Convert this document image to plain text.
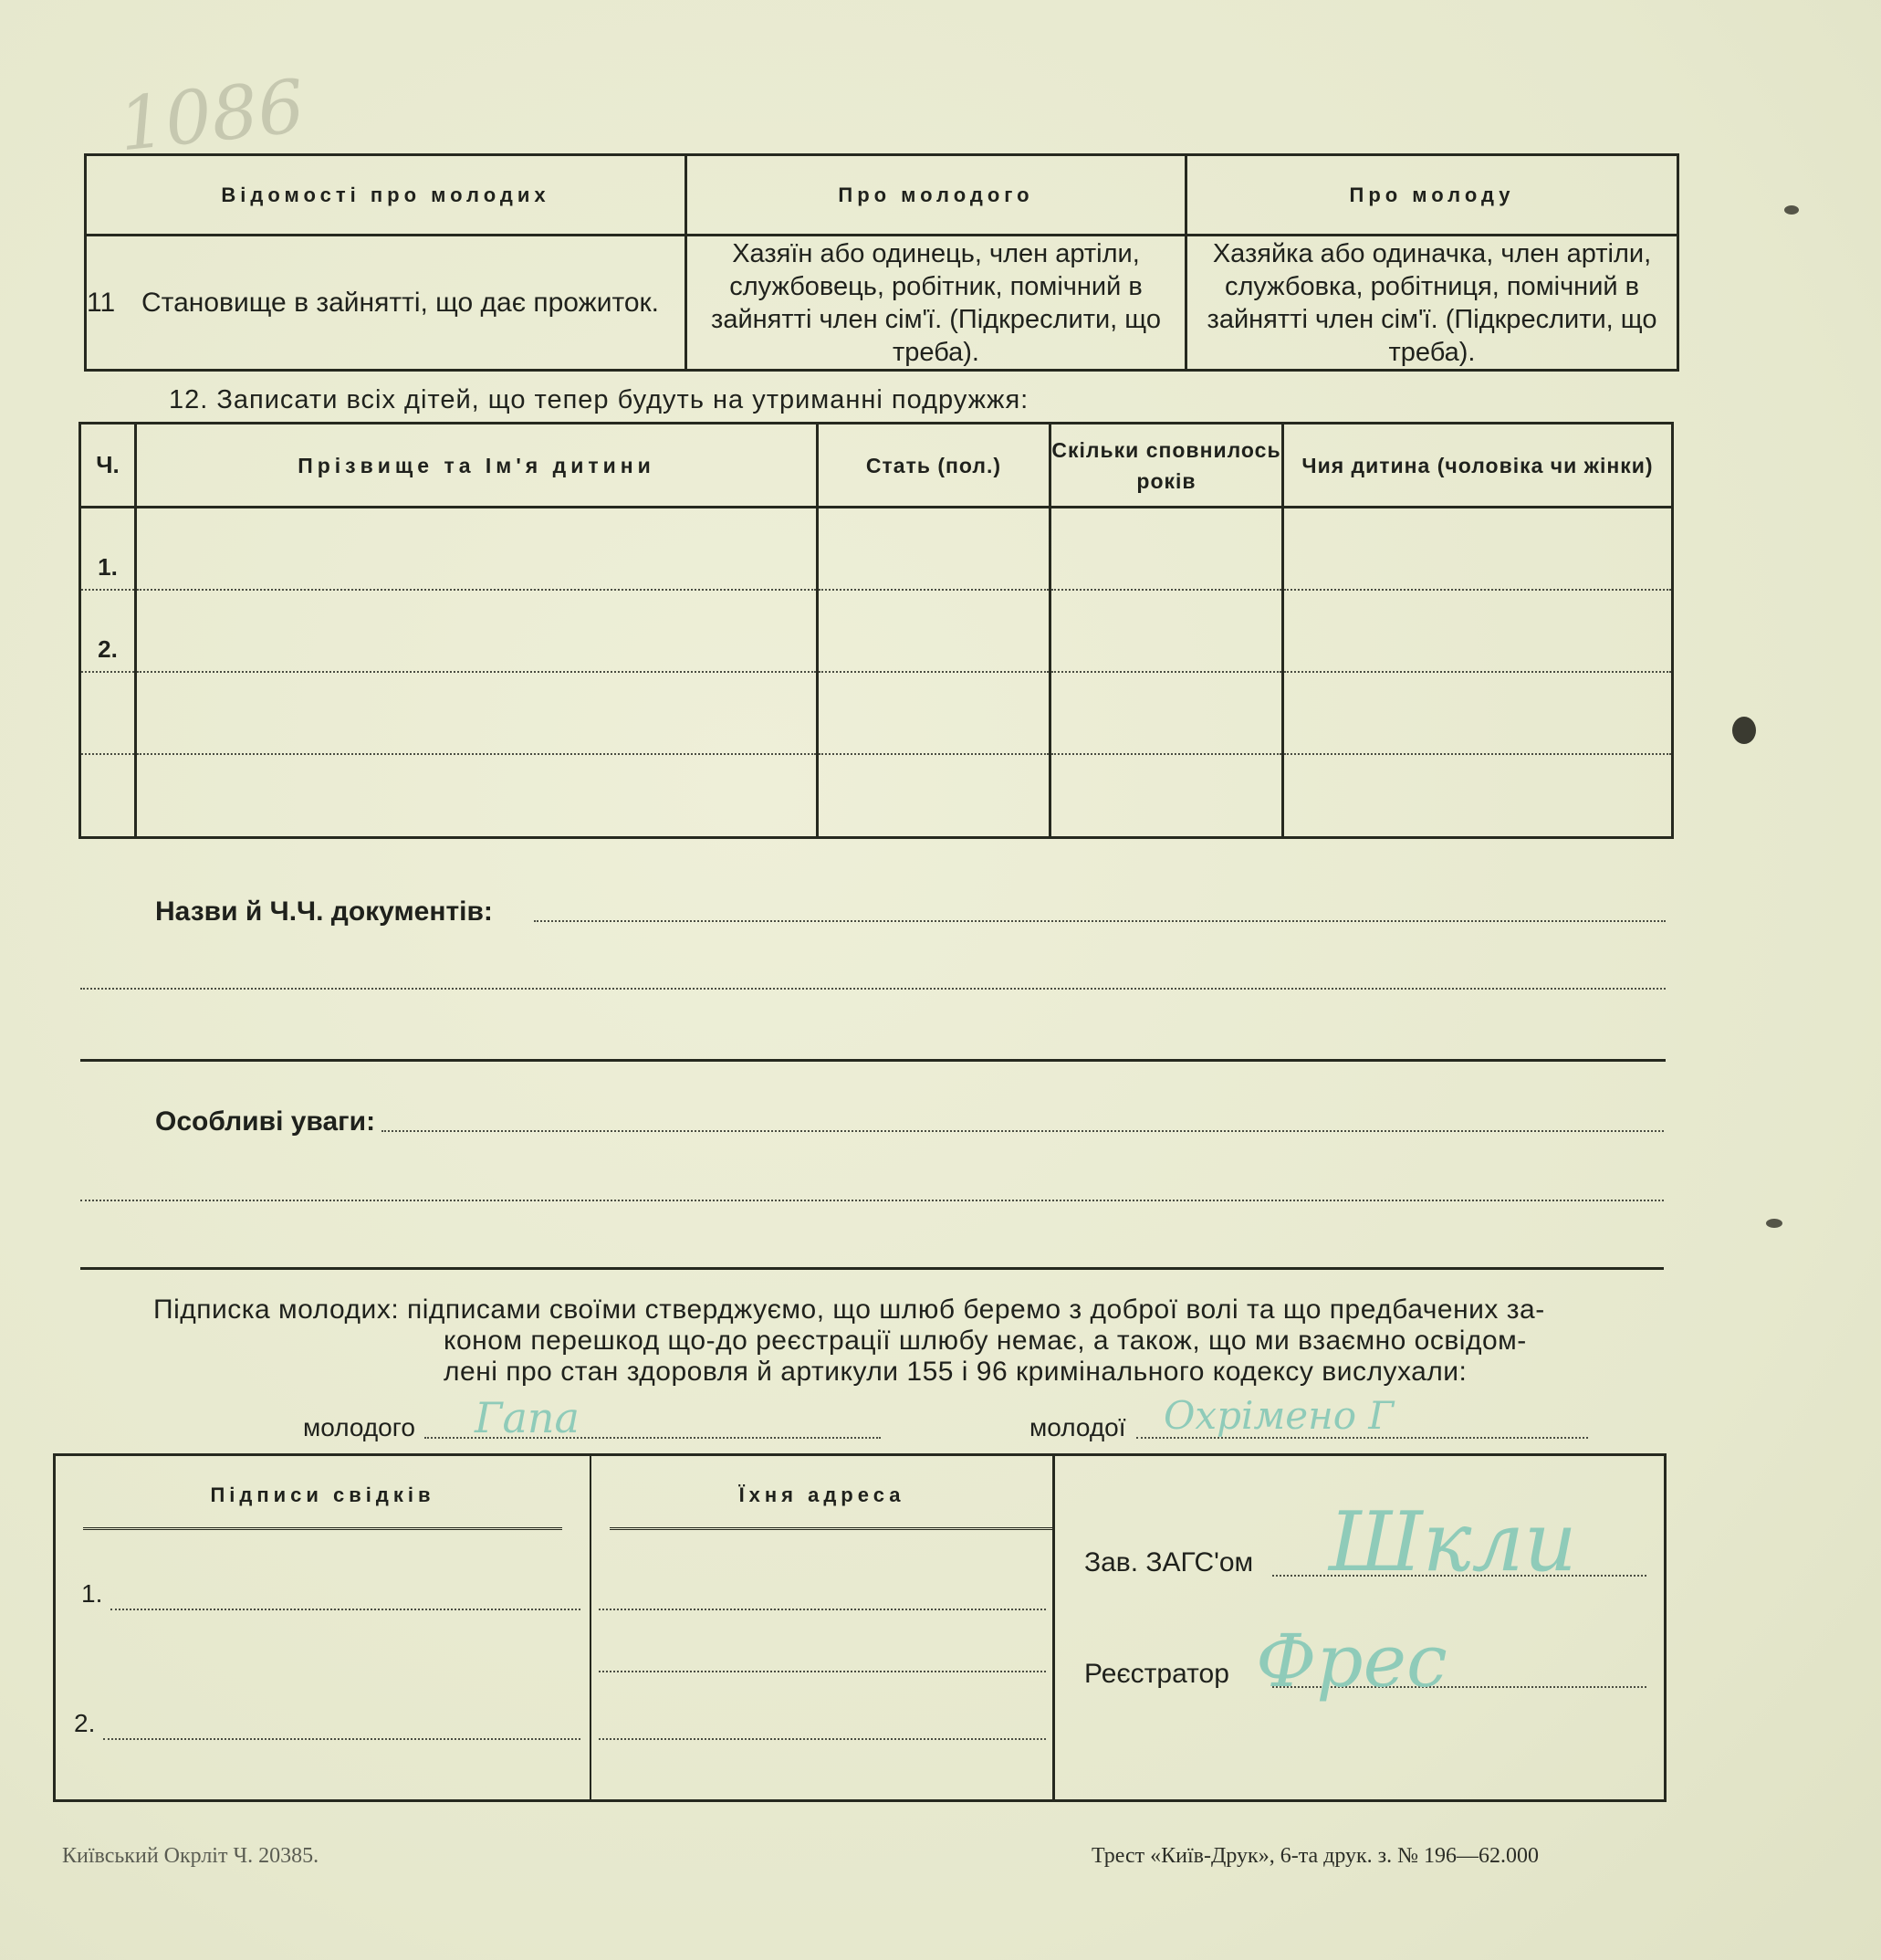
1086
Відомості про молодих	Про молодого	Про молоду
11 Становище в зайнятті, що дає прожиток.	Хазяїн або одинець, член артіли, службовець, робітник, помічний в зайнятті член сім'ї. (Підкреслити, що треба).	Хазяйка або одиначка, член артіли, службовка, робітниця, помічний в зайнятті член сім'ї. (Підкреслити, що треба).
12. Записати всіх дітей, що тепер будуть на утриманні подружжя:
Ч.	Прізвище та Ім'я дитини	Стать (пол.)	Скільки сповнилось років	Чия дитина (чоловіка чи жінки)
1.				
2.				

Назви й Ч.Ч. документів:
Особливі уваги:
Підписка молодих: підписами своїми стверджуємо, що шлюб беремо з доброї волі та що предбачених за-
коном перешкод що-до реєстрації шлюбу немає, а також, що ми взаємно освідом-
лені про стан здоровля й артикули 155 і 96 кримінального кодексу вислухали:
молодого Гапа	молодої Охрімено Г
Підписи свідків
1.
2.

Їхня адреса

Зав. ЗАГС'ом Шкли
Реєстратор Фрес
Київський Окрліт Ч. 20385.	Трест «Київ-Друк», 6-та друк. з. № 196—62.000
